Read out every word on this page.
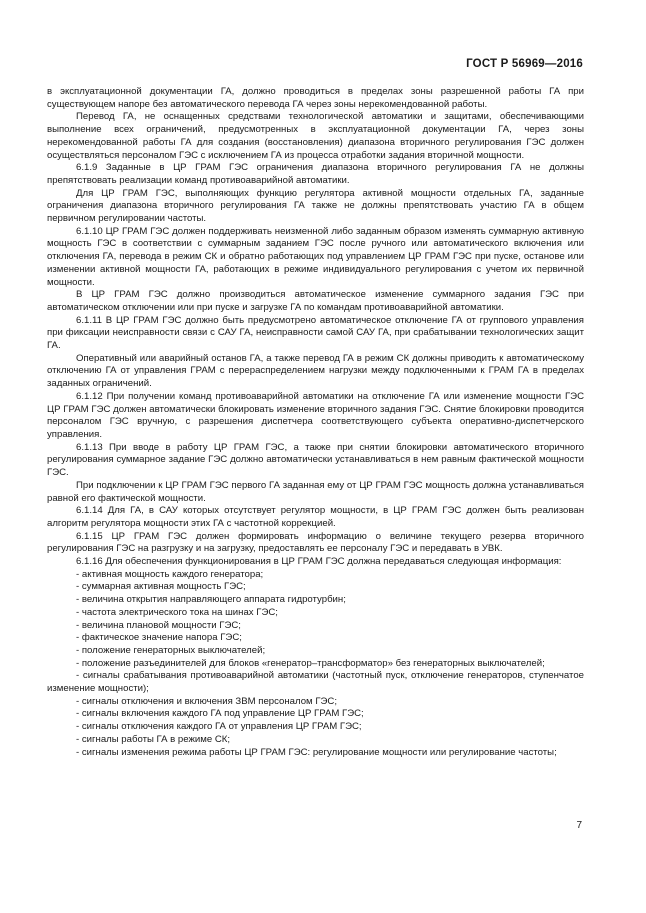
ГОСТ Р 56969—2016

в эксплуатационной документации ГА, должно проводиться в пределах зоны разрешенной работы ГА при существующем напоре без автоматического перевода ГА через зоны нерекомендованной работы.

Перевод ГА, не оснащенных средствами технологической автоматики и защитами, обеспечивающими выполнение всех ограничений, предусмотренных в эксплуатационной документации ГА, через зоны нерекомендованной работы ГА для создания (восстановления) диапазона вторичного регулирования ГЭС должен осуществляться персоналом ГЭС с исключением ГА из процесса отработки задания вторичной мощности.

6.1.9 Заданные в ЦР ГРАМ ГЭС ограничения диапазона вторичного регулирования ГА не должны препятствовать реализации команд противоаварийной автоматики.

Для ЦР ГРАМ ГЭС, выполняющих функцию регулятора активной мощности отдельных ГА, заданные ограничения диапазона вторичного регулирования ГА также не должны препятствовать участию ГА в общем первичном регулировании частоты.

6.1.10 ЦР ГРАМ ГЭС должен поддерживать неизменной либо заданным образом изменять суммарную активную мощность ГЭС в соответствии с суммарным заданием ГЭС после ручного или автоматического включения или отключения ГА, перевода в режим СК и обратно работающих под управлением ЦР ГРАМ ГЭС при пуске, останове или изменении активной мощности ГА, работающих в режиме индивидуального регулирования с учетом их первичной мощности.

В ЦР ГРАМ ГЭС должно производиться автоматическое изменение суммарного задания ГЭС при автоматическом отключении или при пуске и загрузке ГА по командам противоаварийной автоматики.

6.1.11 В ЦР ГРАМ ГЭС должно быть предусмотрено автоматическое отключение ГА от группового управления при фиксации неисправности связи с САУ ГА, неисправности самой САУ ГА, при срабатывании технологических защит ГА.

Оперативный или аварийный останов ГА, а также перевод ГА в режим СК должны приводить к автоматическому отключению ГА от управления ГРАМ с перераспределением нагрузки между подключенными к ГРАМ ГА в пределах заданных ограничений.

6.1.12 При получении команд противоаварийной автоматики на отключение ГА или изменение мощности ГЭС ЦР ГРАМ ГЭС должен автоматически блокировать изменение вторичного задания ГЭС. Снятие блокировки проводится персоналом ГЭС вручную, с разрешения диспетчера соответствующего субъекта оперативно-диспетчерского управления.

6.1.13 При вводе в работу ЦР ГРАМ ГЭС, а также при снятии блокировки автоматического вторичного регулирования суммарное задание ГЭС должно автоматически устанавливаться в нем равным фактической мощности ГЭС.

При подключении к ЦР ГРАМ ГЭС первого ГА заданная ему от ЦР ГРАМ ГЭС мощность должна устанавливаться равной его фактической мощности.

6.1.14 Для ГА, в САУ которых отсутствует регулятор мощности, в ЦР ГРАМ ГЭС должен быть реализован алгоритм регулятора мощности этих ГА с частотной коррекцией.

6.1.15 ЦР ГРАМ ГЭС должен формировать информацию о величине текущего резерва вторичного регулирования ГЭС на разгрузку и на загрузку, предоставлять ее персоналу ГЭС и передавать в УВК.

6.1.16 Для обеспечения функционирования в ЦР ГРАМ ГЭС должна передаваться следующая информация:

- активная мощность каждого генератора;
- суммарная активная мощность ГЭС;
- величина открытия направляющего аппарата гидротурбин;
- частота электрического тока на шинах ГЭС;
- величина плановой мощности ГЭС;
- фактическое значение напора ГЭС;
- положение генераторных выключателей;
- положение разъединителей для блоков «генератор–трансформатор» без генераторных выключателей;
- сигналы срабатывания противоаварийной автоматики (частотный пуск, отключение генераторов, ступенчатое изменение мощности);
- сигналы отключения и включения ЗВМ персоналом ГЭС;
- сигналы включения каждого ГА под управление ЦР ГРАМ ГЭС;
- сигналы отключения каждого ГА от управления ЦР ГРАМ ГЭС;
- сигналы работы ГА в режиме СК;
- сигналы изменения режима работы ЦР ГРАМ ГЭС: регулирование мощности или регулирование частоты;
7
